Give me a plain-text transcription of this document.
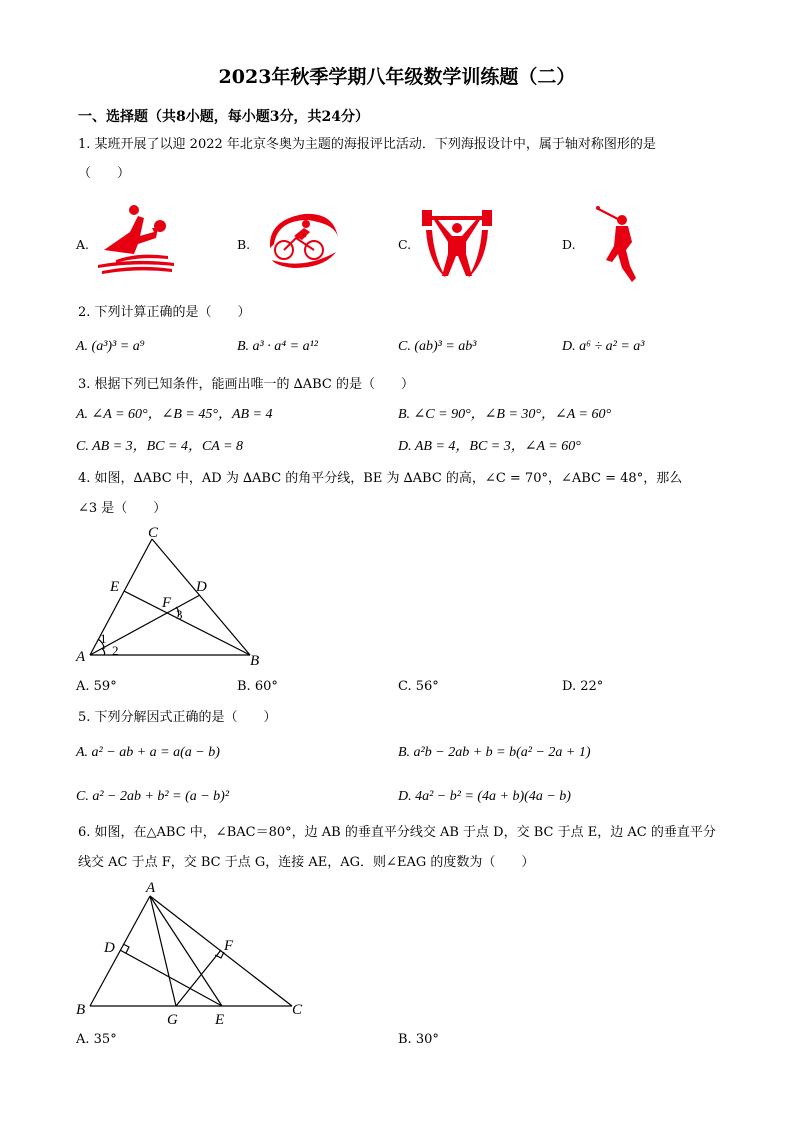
2023年秋季学期八年级数学训练题（二）
一、选择题（共8小题，每小题3分，共24分）
1. 某班开展了以迎 2022 年北京冬奥为主题的海报评比活动．下列海报设计中，属于轴对称图形的是
（　　）
A.	B.	C.	D.
2. 下列计算正确的是（　　）
A. (a³)³ = a⁹	B. a³ · a⁴ = a¹²	C. (ab)³ = ab³	D. a⁶ ÷ a² = a³
3. 根据下列已知条件，能画出唯一的 ∆ABC 的是（　　）
A. ∠A = 60°，∠B = 45°，AB = 4	B. ∠C = 90°，∠B = 30°，∠A = 60°
C. AB = 3，BC = 4，CA = 8	D. AB = 4，BC = 3，∠A = 60°
4. 如图，∆ABC 中，AD 为 ∆ABC 的角平分线，BE 为 ∆ABC 的高，∠C = 70°，∠ABC = 48°，那么
∠3 是（　　）
C
E	D
F
3
1
2
A	B
A. 59°	B. 60°	C. 56°	D. 22°
5. 下列分解因式正确的是（　　）
A. a² − ab + a = a(a − b)	B. a²b − 2ab + b = b(a² − 2a + 1)
C. a² − 2ab + b² = (a − b)²	D. 4a² − b² = (4a + b)(4a − b)
6. 如图，在△ABC 中，∠BAC＝80°，边 AB 的垂直平分线交 AB 于点 D，交 BC 于点 E，边 AC 的垂直平分
线交 AC 于点 F，交 BC 于点 G，连接 AE，AG．则∠EAG 的度数为（　　）
A
D	F
B
G E
C
A. 35°	B. 30°
